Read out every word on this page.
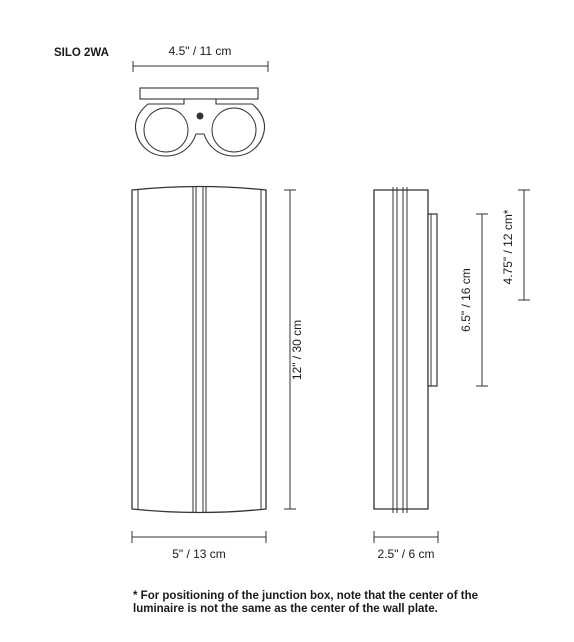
SILO 2WA	4.5" / 11 cm
5" / 13 cm
12" / 30 cm
2.5" / 6 cm
6.5" / 16 cm
4.75" / 12 cm*
* For positioning of the junction box, note that the center of the
luminaire is not the same as the center of the wall plate.
